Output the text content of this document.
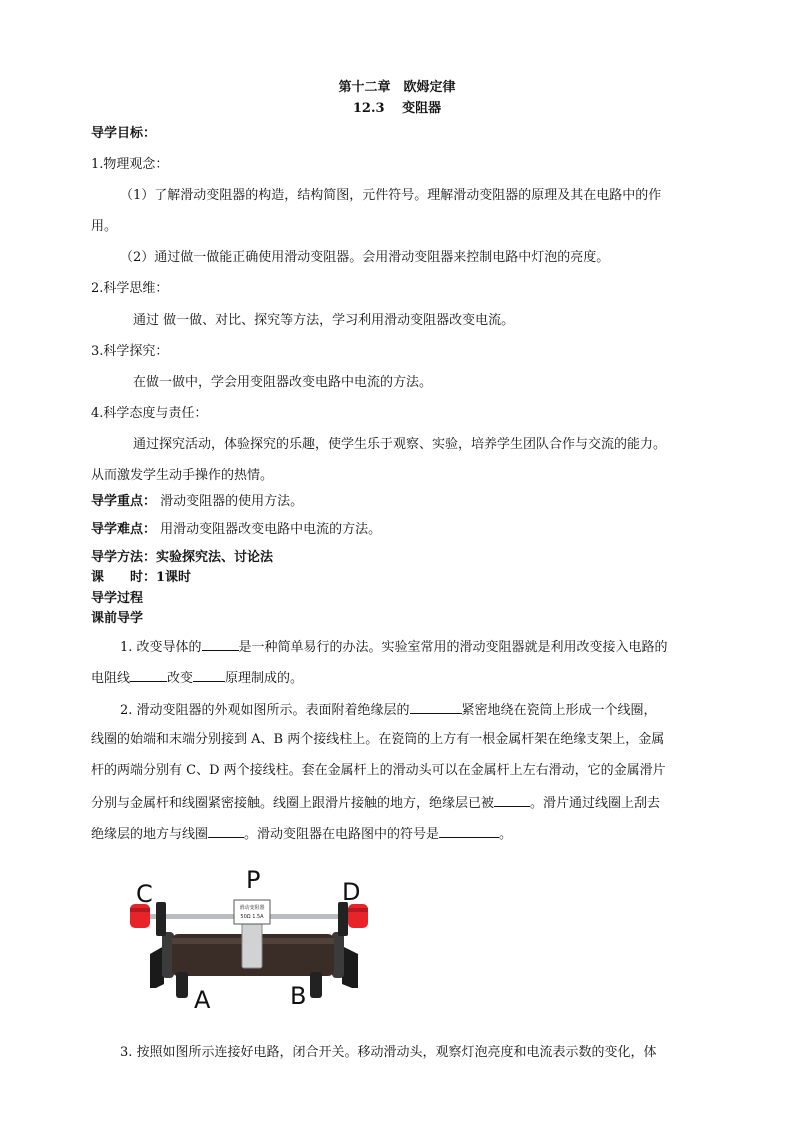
第十二章　欧姆定律
12.3　 变阻器
导学目标：
1.物理观念：
（1）了解滑动变阻器的构造，结构简图，元件符号。理解滑动变阻器的原理及其在电路中的作
用。
（2）通过做一做能正确使用滑动变阻器。会用滑动变阻器来控制电路中灯泡的亮度。
2.科学思维：
通过 做一做、对比、探究等方法，学习利用滑动变阻器改变电流。
3.科学探究：
在做一做中，学会用变阻器改变电路中电流的方法。
4.科学态度与责任：
通过探究活动，体验探究的乐趣，使学生乐于观察、实验，培养学生团队合作与交流的能力。
从而激发学生动手操作的热情。
导学重点： 滑动变阻器的使用方法。
导学难点： 用滑动变阻器改变电路中电流的方法。
导学方法：实验探究法、讨论法
课　　时：1课时
导学过程
课前导学
1. 改变导体的	是一种简单易行的办法。实验室常用的滑动变阻器就是利用改变接入电路的
电阻线	改变 原理制成的。
2. 滑动变阻器的外观如图所示。表面附着绝缘层的	紧密地绕在瓷筒上形成一个线圈，
线圈的始端和末端分别接到 A、B 两个接线柱上。在瓷筒的上方有一根金属杆架在绝缘支架上，金属
杆的两端分别有 C、D 两个接线柱。套在金属杆上的滑动头可以在金属杆上左右滑动，它的金属滑片
分别与金属杆和线圈紧密接触。线圈上跟滑片接触的地方，绝缘层已被	。滑片通过线圈上刮去
绝缘层的地方与线圈	。滑动变阻器在电路图中的符号是	。
滑动变阻器
50Ω 1.5A
C	P	D
A	B
3. 按照如图所示连接好电路，闭合开关。移动滑动头，观察灯泡亮度和电流表示数的变化，体
